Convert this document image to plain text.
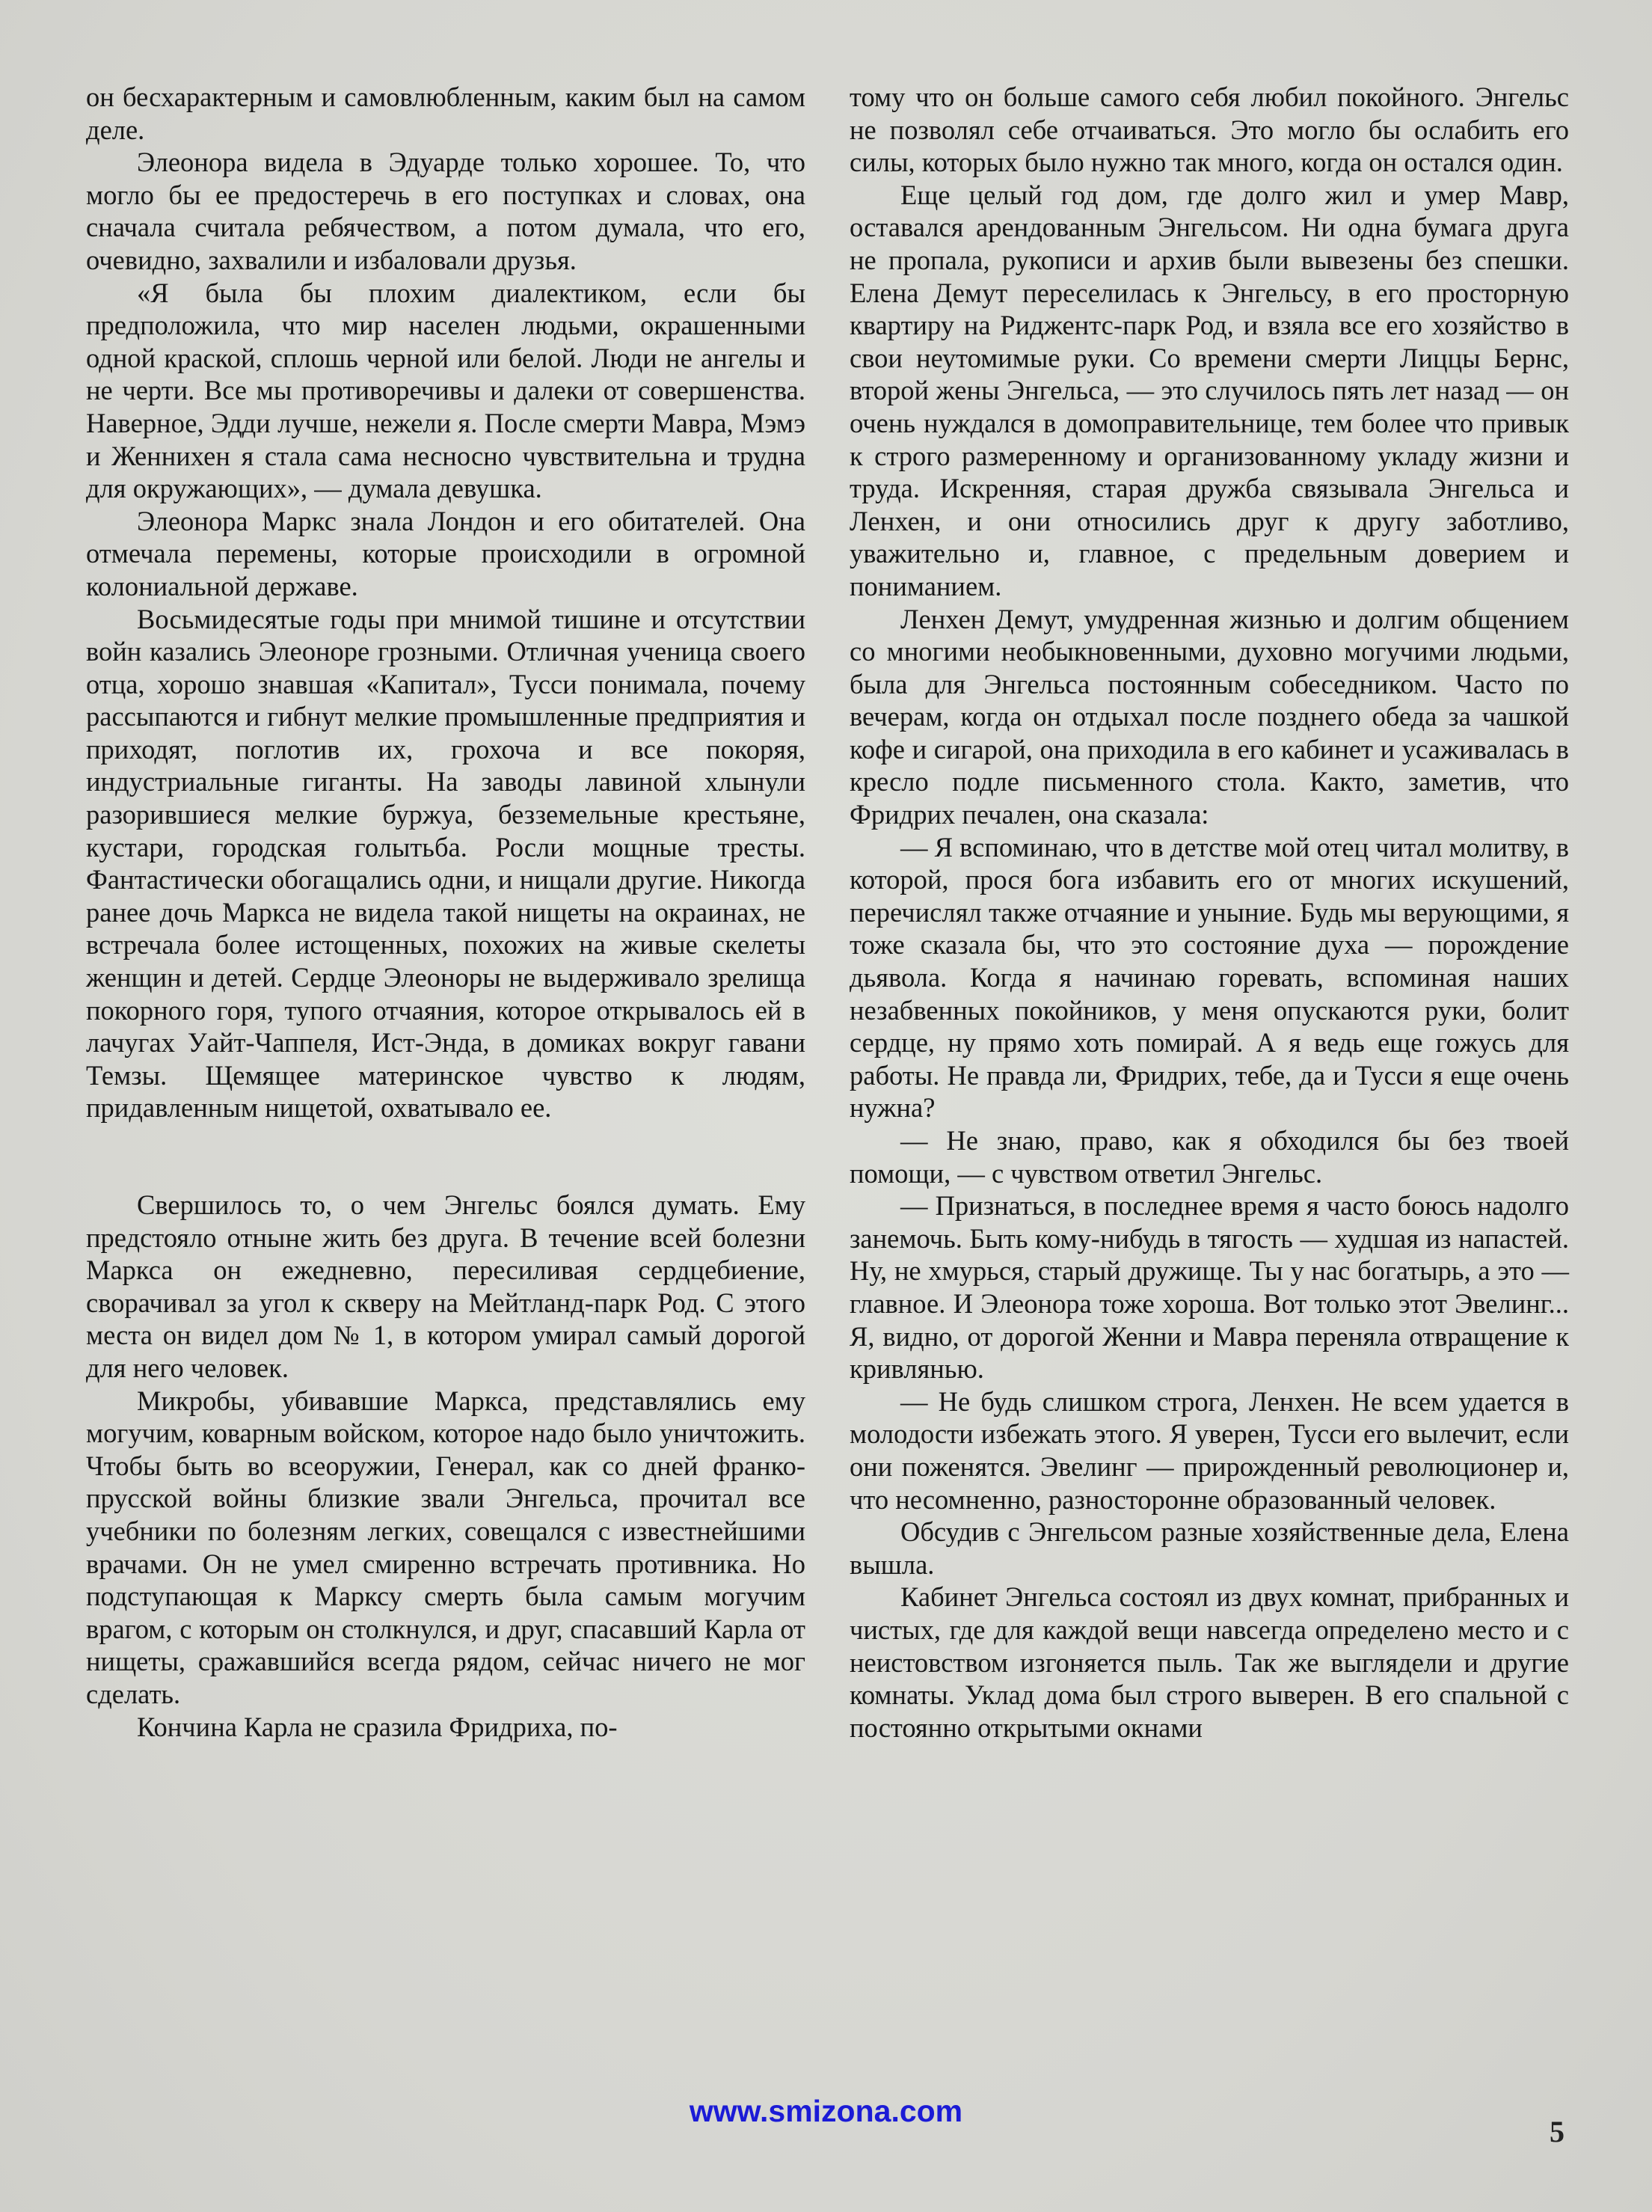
он бесхарактерным и самовлюбленным, каким был на самом деле.

Элеонора видела в Эдуарде только хорошее. То, что могло бы ее предостеречь в его поступках и словах, она сначала считала ребячеством, а потом думала, что его, очевидно, захвалили и избаловали друзья.

«Я была бы плохим диалектиком, если бы предположила, что мир населен людьми, окрашенными одной краской, сплошь черной или белой. Люди не ангелы и не черти. Все мы противоречивы и далеки от совершенства. Наверное, Эдди лучше, нежели я. После смерти Мавра, Мэмэ и Женнихен я стала сама несносно чувствительна и трудна для окружающих», — думала девушка.

Элеонора Маркс знала Лондон и его обитателей. Она отмечала перемены, которые происходили в огромной колониальной державе.

Восьмидесятые годы при мнимой тишине и отсутствии войн казались Элеоноре грозными. Отличная ученица своего отца, хорошо знавшая «Капитал», Тусси понимала, почему рассыпаются и гибнут мелкие промышленные предприятия и приходят, поглотив их, грохоча и все покоряя, индустриальные гиганты. На заводы лавиной хлынули разорившиеся мелкие буржуа, безземельные крестьяне, кустари, городская голытьба. Росли мощные тресты. Фантастически обогащались одни, и нищали другие. Никогда ранее дочь Маркса не видела такой нищеты на окраинах, не встречала более истощенных, похожих на живые скелеты женщин и детей. Сердце Элеоноры не выдерживало зрелища покорного горя, тупого отчаяния, которое открывалось ей в лачугах Уайт-Чаппеля, Ист-Энда, в домиках вокруг гавани Темзы. Щемящее материнское чувство к людям, придавленным нищетой, охватывало ее.

Свершилось то, о чем Энгельс боялся думать. Ему предстояло отныне жить без друга. В течение всей болезни Маркса он ежедневно, пересиливая сердцебиение, сворачивал за угол к скверу на Мейтланд-парк Род. С этого места он видел дом № 1, в котором умирал самый дорогой для него человек.

Микробы, убивавшие Маркса, представлялись ему могучим, коварным войском, которое надо было уничтожить. Чтобы быть во всеоружии, Генерал, как со дней франко-прусской войны близкие звали Энгельса, прочитал все учебники по болезням легких, совещался с известнейшими врачами. Он не умел смиренно встречать противника. Но подступающая к Марксу смерть была самым могучим врагом, с которым он столкнулся, и друг, спасавший Карла от нищеты, сражавшийся всегда рядом, сейчас ничего не мог сделать.

Кончина Карла не сразила Фридриха, по-

тому что он больше самого себя любил покойного. Энгельс не позволял себе отчаиваться. Это могло бы ослабить его силы, которых было нужно так много, когда он остался один.

Еще целый год дом, где долго жил и умер Мавр, оставался арендованным Энгельсом. Ни одна бумага друга не пропала, рукописи и архив были вывезены без спешки. Елена Демут переселилась к Энгельсу, в его просторную квартиру на Риджентс-парк Род, и взяла все его хозяйство в свои неутомимые руки. Со времени смерти Лиццы Бернс, второй жены Энгельса, — это случилось пять лет назад — он очень нуждался в домоправительнице, тем более что привык к строго размеренному и организованному укладу жизни и труда. Искренняя, старая дружба связывала Энгельса и Ленхен, и они относились друг к другу заботливо, уважительно и, главное, с предельным доверием и пониманием.

Ленхен Демут, умудренная жизнью и долгим общением со многими необыкновенными, духовно могучими людьми, была для Энгельса постоянным собеседником. Часто по вечерам, когда он отдыхал после позднего обеда за чашкой кофе и сигарой, она приходила в его кабинет и усаживалась в кресло подле письменного стола. Както, заметив, что Фридрих печален, она сказала:

— Я вспоминаю, что в детстве мой отец читал молитву, в которой, прося бога избавить его от многих искушений, перечислял также отчаяние и уныние. Будь мы верующими, я тоже сказала бы, что это состояние духа — порождение дьявола. Когда я начинаю горевать, вспоминая наших незабвенных покойников, у меня опускаются руки, болит сердце, ну прямо хоть помирай. А я ведь еще гожусь для работы. Не правда ли, Фридрих, тебе, да и Тусси я еще очень нужна?

— Не знаю, право, как я обходился бы без твоей помощи, — с чувством ответил Энгельс.

— Признаться, в последнее время я часто боюсь надолго занемочь. Быть кому-нибудь в тягость — худшая из напастей. Ну, не хмурься, старый дружище. Ты у нас богатырь, а это — главное. И Элеонора тоже хороша. Вот только этот Эвелинг... Я, видно, от дорогой Женни и Мавра переняла отвращение к кривлянью.

— Не будь слишком строга, Ленхен. Не всем удается в молодости избежать этого. Я уверен, Тусси его вылечит, если они поженятся. Эвелинг — прирожденный революционер и, что несомненно, разносторонне образованный человек.

Обсудив с Энгельсом разные хозяйственные дела, Елена вышла.

Кабинет Энгельса состоял из двух комнат, прибранных и чистых, где для каждой вещи навсегда определено место и с неистовством изгоняется пыль. Так же выглядели и другие комнаты. Уклад дома был строго выверен. В его спальной с постоянно открытыми окнами

www.smizona.com
5
